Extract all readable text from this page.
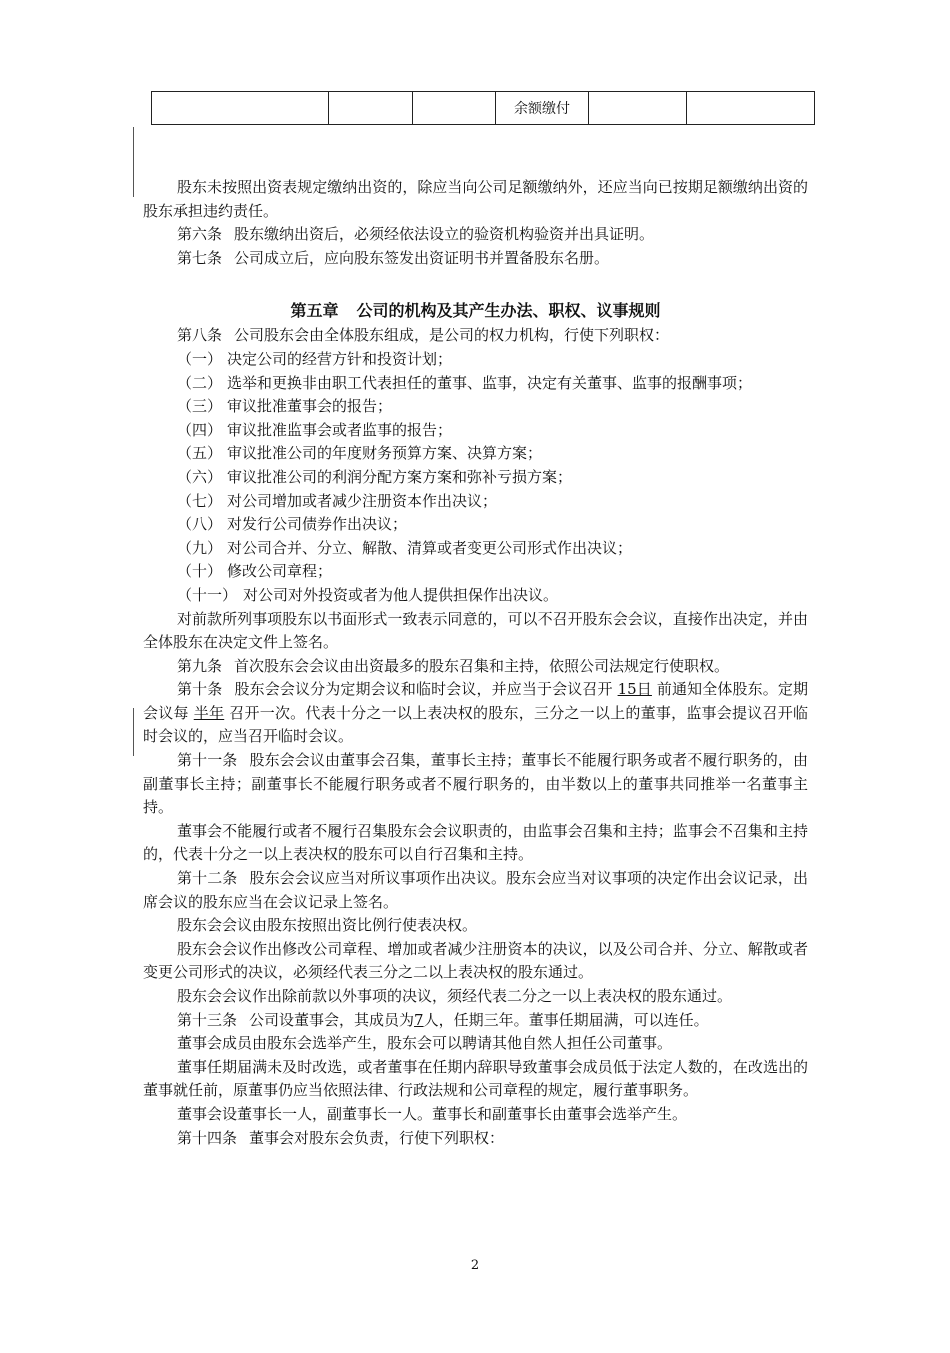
			余额缴付		

股东未按照出资表规定缴纳出资的，除应当向公司足额缴纳外，还应当向已按期足额缴纳出资的股东承担违约责任。

第六条 股东缴纳出资后，必须经依法设立的验资机构验资并出具证明。

第七条 公司成立后，应向股东签发出资证明书并置备股东名册。

第五章 公司的机构及其产生办法、职权、议事规则

第八条 公司股东会由全体股东组成，是公司的权力机构，行使下列职权：

（一） 决定公司的经营方针和投资计划；

（二） 选举和更换非由职工代表担任的董事、监事，决定有关董事、监事的报酬事项；

（三） 审议批准董事会的报告；

（四） 审议批准监事会或者监事的报告；

（五） 审议批准公司的年度财务预算方案、决算方案；

（六） 审议批准公司的利润分配方案方案和弥补亏损方案；

（七） 对公司增加或者减少注册资本作出决议；

（八） 对发行公司债券作出决议；

（九） 对公司合并、分立、解散、清算或者变更公司形式作出决议；

（十） 修改公司章程；

（十一） 对公司对外投资或者为他人提供担保作出决议。

对前款所列事项股东以书面形式一致表示同意的，可以不召开股东会会议，直接作出决定，并由全体股东在决定文件上签名。

第九条 首次股东会会议由出资最多的股东召集和主持，依照公司法规定行使职权。

第十条 股东会会议分为定期会议和临时会议，并应当于会议召开 15日 前通知全体股东。定期会议每 半年 召开一次。代表十分之一以上表决权的股东，三分之一以上的董事，监事会提议召开临时会议的，应当召开临时会议。

第十一条 股东会会议由董事会召集，董事长主持；董事长不能履行职务或者不履行职务的，由副董事长主持；副董事长不能履行职务或者不履行职务的，由半数以上的董事共同推举一名董事主持。

董事会不能履行或者不履行召集股东会会议职责的，由监事会召集和主持；监事会不召集和主持的，代表十分之一以上表决权的股东可以自行召集和主持。

第十二条 股东会会议应当对所议事项作出决议。股东会应当对议事项的决定作出会议记录，出席会议的股东应当在会议记录上签名。

股东会会议由股东按照出资比例行使表决权。

股东会会议作出修改公司章程、增加或者减少注册资本的决议，以及公司合并、分立、解散或者变更公司形式的决议，必须经代表三分之二以上表决权的股东通过。

股东会会议作出除前款以外事项的决议，须经代表二分之一以上表决权的股东通过。

第十三条 公司设董事会，其成员为7人，任期三年。董事任期届满，可以连任。

董事会成员由股东会选举产生，股东会可以聘请其他自然人担任公司董事。

董事任期届满未及时改选，或者董事在任期内辞职导致董事会成员低于法定人数的，在改选出的董事就任前，原董事仍应当依照法律、行政法规和公司章程的规定，履行董事职务。

董事会设董事长一人，副董事长一人。董事长和副董事长由董事会选举产生。

第十四条 董事会对股东会负责，行使下列职权：

2
